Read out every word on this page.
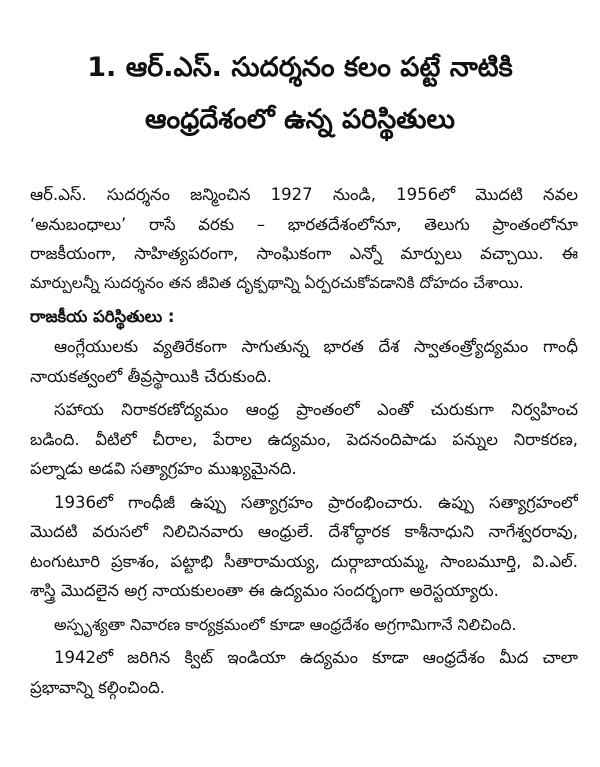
1. ఆర్.ఎస్. సుదర్శనం కలం పట్టే నాటికి
ఆంధ్రదేశంలో ఉన్న పరిస్థితులు
ఆర్.ఎస్. సుదర్శనం జన్మించిన 1927 నుండి, 1956లో మొదటి నవల
‘అనుబంధాలు’ రాసే వరకు – భారతదేశంలోనూ, తెలుగు ప్రాంతంలోనూ
రాజకీయంగా, సాహిత్యపరంగా, సాంఘికంగా ఎన్నో మార్పులు వచ్చాయి. ఈ
మార్పులన్నీ సుదర్శనం తన జీవిత దృక్పథాన్ని ఏర్పరచుకోవడానికి దోహదం చేశాయి.
రాజకీయ పరిస్థితులు :
ఆంగ్లేయులకు వ్యతిరేకంగా సాగుతున్న భారత దేశ స్వాతంత్ర్యోద్యమం గాంధీ
నాయకత్వంలో తీవ్రస్థాయికి చేరుకుంది.
సహాయ నిరాకరణోద్యమం ఆంధ్ర ప్రాంతంలో ఎంతో చురుకుగా నిర్వహించ
బడింది. వీటిలో చీరాల, పేరాల ఉద్యమం, పెదనందిపాడు పన్నుల నిరాకరణ,
పల్నాడు అడవి సత్యాగ్రహం ముఖ్యమైనది.
1936లో గాంధీజీ ఉప్పు సత్యాగ్రహం ప్రారంభించారు. ఉప్పు సత్యాగ్రహంలో
మొదటి వరుసలో నిలిచినవారు ఆంధ్రులే. దేశోద్ధారక కాశీనాధుని నాగేశ్వరరావు,
టంగుటూరి ప్రకాశం, పట్టాభి సీతారామయ్య, దుర్గాబాయమ్మ, సాంబమూర్తి, వి.ఎల్.
శాస్త్రి మొదలైన అగ్ర నాయకులంతా ఈ ఉద్యమం సందర్భంగా అరెస్టయ్యారు.
అస్పృశ్యతా నివారణ కార్యక్రమంలో కూడా ఆంధ్రదేశం అగ్రగామిగానే నిలిచింది.
1942లో జరిగిన క్విట్ ఇండియా ఉద్యమం కూడా ఆంధ్రదేశం మీద చాలా
ప్రభావాన్ని కల్గించింది.
